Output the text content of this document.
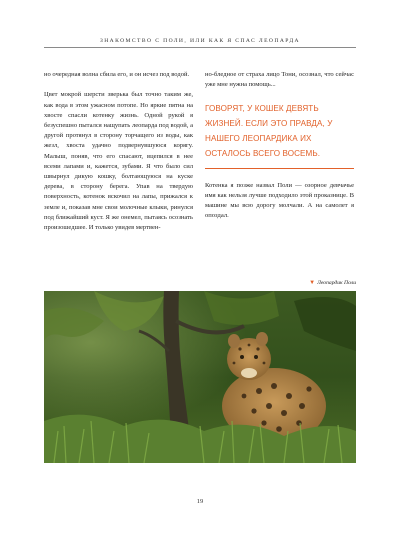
ЗНАКОМСТВО С ПОЛИ, ИЛИ КАК Я СПАС ЛЕОПАРДА

но очередная волна сбила его, и он исчез под водой.

Цвет мокрой шерсти зверька был точно таким же, как вода в этом ужасном потопе. Но яркие пятна на хвосте спасли котенку жизнь. Одной рукой я безуспешно пытался нащупать леопарда под водой, а другой протянул в сторону торчащего из воды, как жезл, хвоста удачно подвернувшуюся корягу. Малыш, поняв, что его спасают, вцепился в нее всеми лапами и, кажется, зубами. Я что было сил швырнул дикую кошку, болтающуюся на куске дерева, в сторону берега. Упав на твердую поверхность, котенок вскочил на лапы, прижался к земле и, показав мне свои молочные клыки, ринулся под ближайший куст. Я же онемел, пытаясь осознать произошедшее. И только увидев мертвен-

но-бледное от страха лицо Тони, осознал, что сейчас уже мне нужна помощь...

ГОВОРЯТ, У КОШЕК ДЕВЯТЬ ЖИЗНЕЙ. ЕСЛИ ЭТО ПРАВДА, У НАШЕГО ЛЕОПАРДИКА ИХ ОСТАЛОСЬ ВСЕГО ВОСЕМЬ.

Котенка я позже назвал Поли — озорное девчачье имя как нельзя лучше подходило этой проказнице. В машине мы всю дорогу молчали. А на самолет я опоздал.

▼ Леопардик Поли
19
